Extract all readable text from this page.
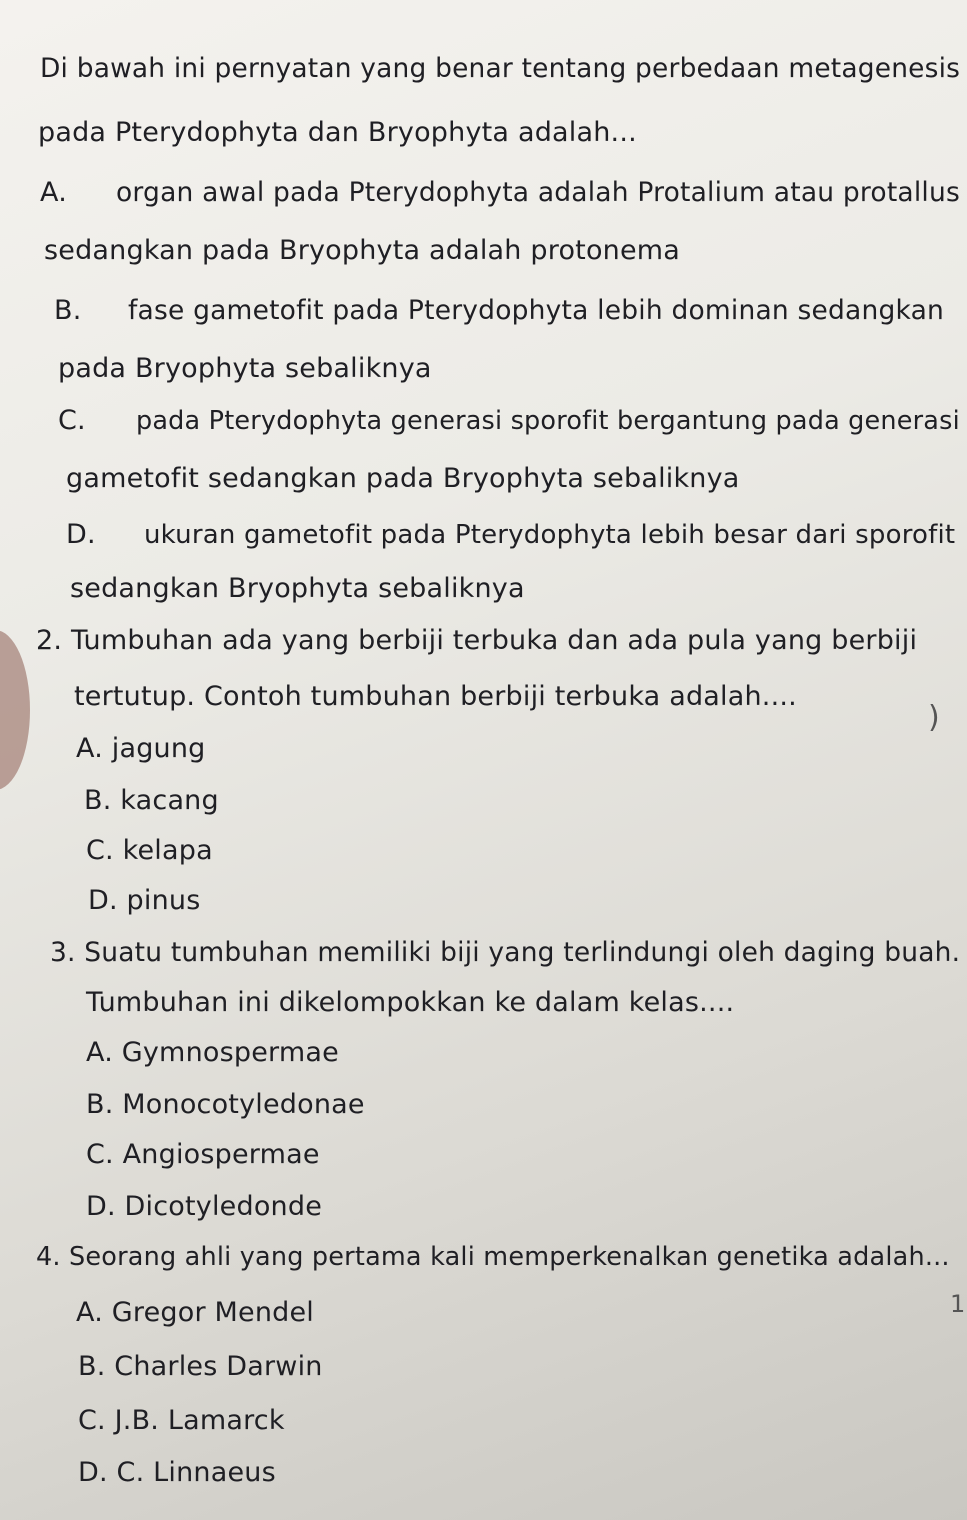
Di bawah ini pernyatan yang benar tentang perbedaan metagenesis
pada Pterydophyta dan Bryophyta adalah...
A. organ awal pada Pterydophyta adalah Protalium atau protallus
sedangkan pada Bryophyta adalah protonema
B. fase gametofit pada Pterydophyta lebih dominan sedangkan
pada Bryophyta sebaliknya
C. pada Pterydophyta generasi sporofit bergantung pada generasi
gametofit sedangkan pada Bryophyta sebaliknya
D. ukuran gametofit pada Pterydophyta lebih besar dari sporofit
sedangkan Bryophyta sebaliknya
2. Tumbuhan ada yang berbiji terbuka dan ada pula yang berbiji
tertutup. Contoh tumbuhan berbiji terbuka adalah....
)
A. jagung
B. kacang
C. kelapa
D. pinus
3. Suatu tumbuhan memiliki biji yang terlindungi oleh daging buah.
Tumbuhan ini dikelompokkan ke dalam kelas....
A. Gymnospermae
B. Monocotyledonae
C. Angiospermae
D. Dicotyledonde
4. Seorang ahli yang pertama kali memperkenalkan genetika adalah...
1
A. Gregor Mendel
B. Charles Darwin
C. J.B. Lamarck
D. C. Linnaeus
